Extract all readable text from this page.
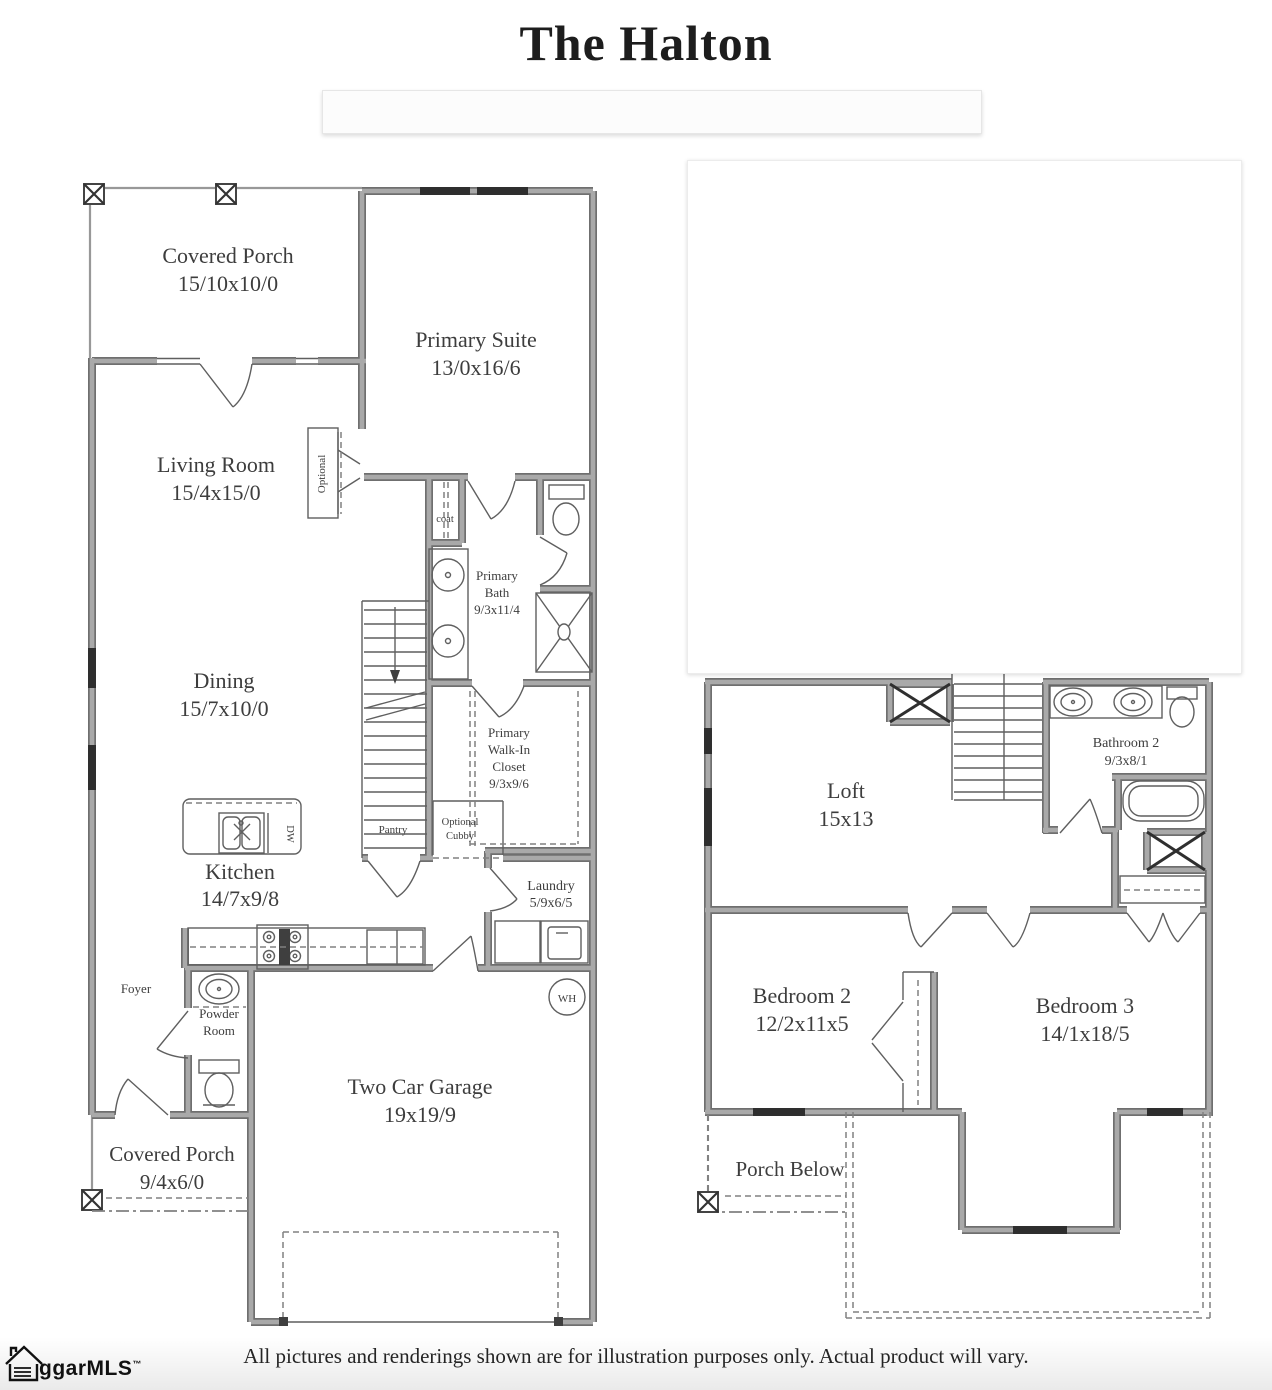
The Halton
Covered Porch
15/10x10/0
Primary Suite
13/0x16/6
Living Room
15/4x15/0	Optional
coat
Primary
Bath
9/3x11/4
Dining
15/7x10/0
Primary
Walk-In
Closet
9/3x9/6
Pantry
Optional
Cubby
DW
Kitchen
14/7x9/8	Laundry
5/9x6/5
Foyer
Powder
Room
WH
Two Car Garage
19x19/9
Covered Porch
9/4x6/0
Loft
15x13
Bathroom 2
9/3x8/1
Bedroom 2
12/2x11x5
Bedroom 3
14/1x18/5
Porch Below
All pictures and renderings shown are for illustration purposes only. Actual product will vary.
ggarMLS™
